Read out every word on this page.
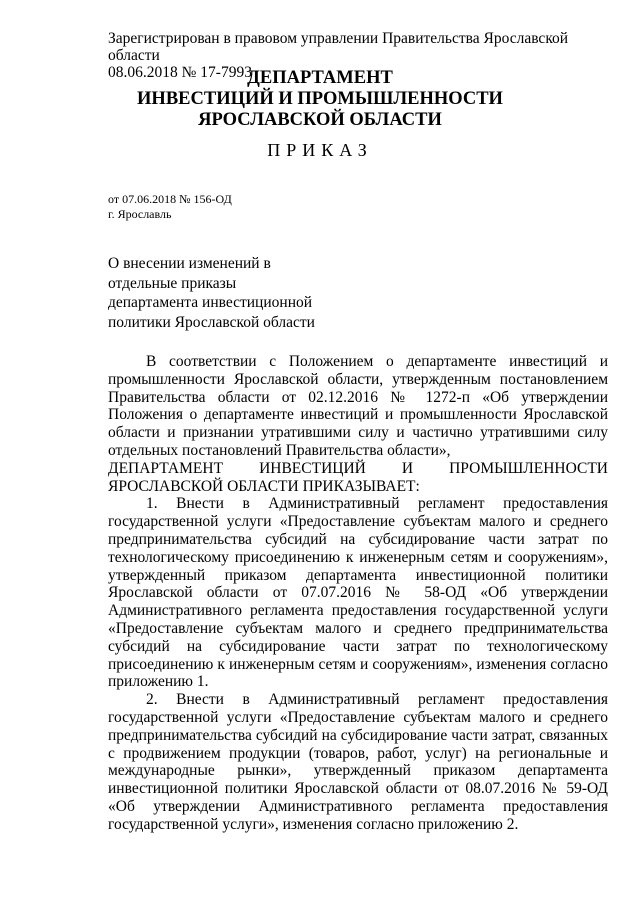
Зарегистрирован в правовом управлении Правительства Ярославской области
08.06.2018 № 17-7993
ДЕПАРТАМЕНТ
ИНВЕСТИЦИЙ И ПРОМЫШЛЕННОСТИ
ЯРОСЛАВСКОЙ ОБЛАСТИ
ПРИКАЗ
от 07.06.2018 № 156-ОД
г. Ярославль
О внесении изменений в
отдельные приказы
департамента инвестиционной
политики Ярославской области

В соответствии с Положением о департаменте инвестиций и промышленности Ярославской области, утвержденным постановлением Правительства области от 02.12.2016 № 1272-п «Об утверждении Положения о департаменте инвестиций и промышленности Ярославской области и признании утратившими силу и частично утратившими силу отдельных постановлений Правительства области»,

ДЕПАРТАМЕНТ ИНВЕСТИЦИЙ И ПРОМЫШЛЕННОСТИ

ЯРОСЛАВСКОЙ ОБЛАСТИ ПРИКАЗЫВАЕТ:

1. Внести в Административный регламент предоставления государственной услуги «Предоставление субъектам малого и среднего предпринимательства субсидий на субсидирование части затрат по технологическому присоединению к инженерным сетям и сооружениям», утвержденный приказом департамента инвестиционной политики Ярославской области от 07.07.2016 № 58-ОД «Об утверждении Административного регламента предоставления государственной услуги «Предоставление субъектам малого и среднего предпринимательства субсидий на субсидирование части затрат по технологическому присоединению к инженерным сетям и сооружениям», изменения согласно приложению 1.

2. Внести в Административный регламент предоставления государственной услуги «Предоставление субъектам малого и среднего предпринимательства субсидий на субсидирование части затрат, связанных с продвижением продукции (товаров, работ, услуг) на региональные и международные рынки», утвержденный приказом департамента инвестиционной политики Ярославской области от 08.07.2016 № 59-ОД «Об утверждении Административного регламента предоставления государственной услуги», изменения согласно приложению 2.
